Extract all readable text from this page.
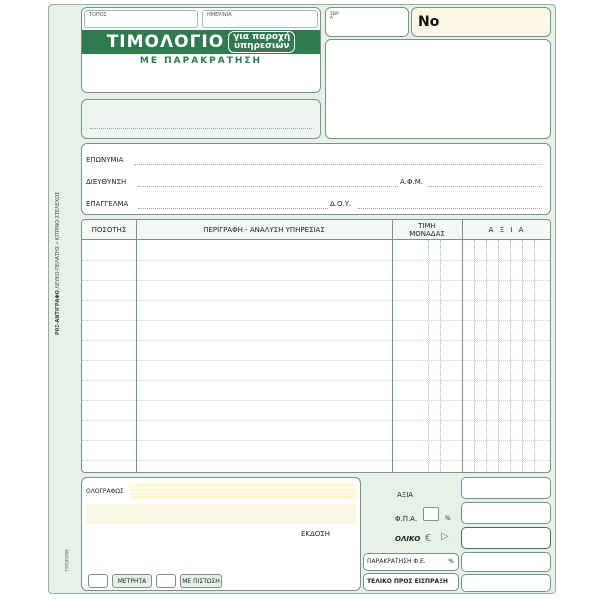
Ρ0Ξ-ΑΝΤΙΓΡΑΦΟ ΛΕΥΚΟ-ΠΕΛΑΤΗΣ • ΚΙΤΡΙΝΟ-ΣΤΕΛΕΧΟΣ
ΤΟΠΟΣ	ΗΜΕΡ/ΝΙΑ
ΤΙΜΟΛΟΓΙΟ	για παροχή
υπηρεσιών
ΜΕ ΠΑΡΑΚΡΑΤΗΣΗ
ΣΕΙΡΑ	No
ΕΠΩΝΥΜΙΑ
ΔΙΕΥΘΥΝΣΗ	Α.Φ.Μ.
ΕΠΑΓΓΕΛΜΑ	Δ.Ο.Υ.
ΠΟΣΟΤΗΣ	ΠΕΡΙΓΡΑΦΗ - ΑΝΑΛΥΣΗ ΥΠΗΡΕΣΙΑΣ	ΤΙΜΗ ΜΟΝΑΔΑΣ	Α Ξ Ι Α
ΟΛΟΓΡΑΦΩΣ
ΕΚΔΟΣΗ
ΜΕΤΡΗΤΑ	ΜΕ ΠΙΣΤΩΣΗ
TYPOFORM
ΑΞΙΑ
Φ.Π.Α.	%
ΟΛΙΚΟ € ▷
ΠΑΡΑΚΡΑΤΗΣΗ Φ.Ε.	%
ΤΕΛΙΚΟ ΠΡΟΣ ΕΙΣΠΡΑΞΗ
